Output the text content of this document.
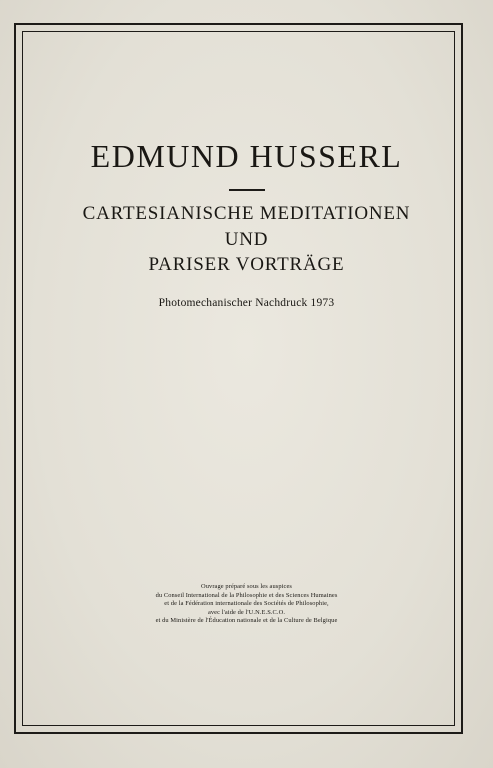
EDMUND HUSSERL
CARTESIANISCHE MEDITATIONEN
UND
PARISER VORTRÄGE
Photomechanischer Nachdruck 1973
Ouvrage préparé sous les auspices
du Conseil International de la Philosophie et des Sciences Humaines
et de la Fédération internationale des Sociétés de Philosophie,
avec l'aide de l'U.N.E.S.C.O.
et du Ministère de l'Éducation nationale et de la Culture de Belgique
